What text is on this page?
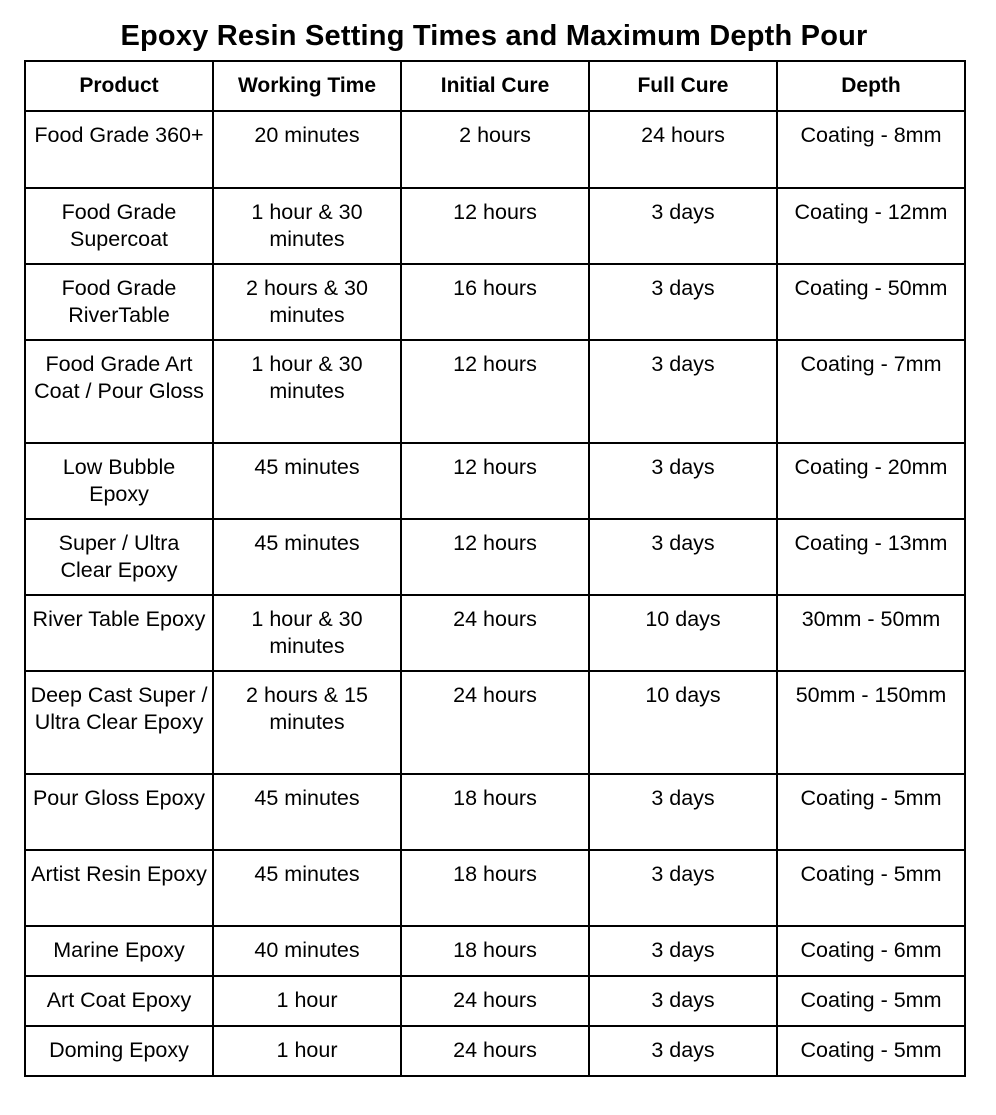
Epoxy Resin Setting Times and Maximum Depth Pour
Product	Working Time	Initial Cure	Full Cure	Depth
Food Grade 360+	20 minutes	2 hours	24 hours	Coating - 8mm
Food Grade Supercoat	1 hour & 30 minutes	12 hours	3 days	Coating - 12mm
Food Grade RiverTable	2 hours & 30 minutes	16 hours	3 days	Coating - 50mm
Food Grade Art Coat / Pour Gloss	1 hour & 30 minutes	12 hours	3 days	Coating - 7mm
Low Bubble Epoxy	45 minutes	12 hours	3 days	Coating - 20mm
Super / Ultra Clear Epoxy	45 minutes	12 hours	3 days	Coating - 13mm
River Table Epoxy	1 hour & 30 minutes	24 hours	10 days	30mm - 50mm
Deep Cast Super / Ultra Clear Epoxy	2 hours & 15 minutes	24 hours	10 days	50mm - 150mm
Pour Gloss Epoxy	45 minutes	18 hours	3 days	Coating - 5mm
Artist Resin Epoxy	45 minutes	18 hours	3 days	Coating - 5mm
Marine Epoxy	40 minutes	18 hours	3 days	Coating - 6mm
Art Coat Epoxy	1 hour	24 hours	3 days	Coating - 5mm
Doming Epoxy	1 hour	24 hours	3 days	Coating - 5mm
